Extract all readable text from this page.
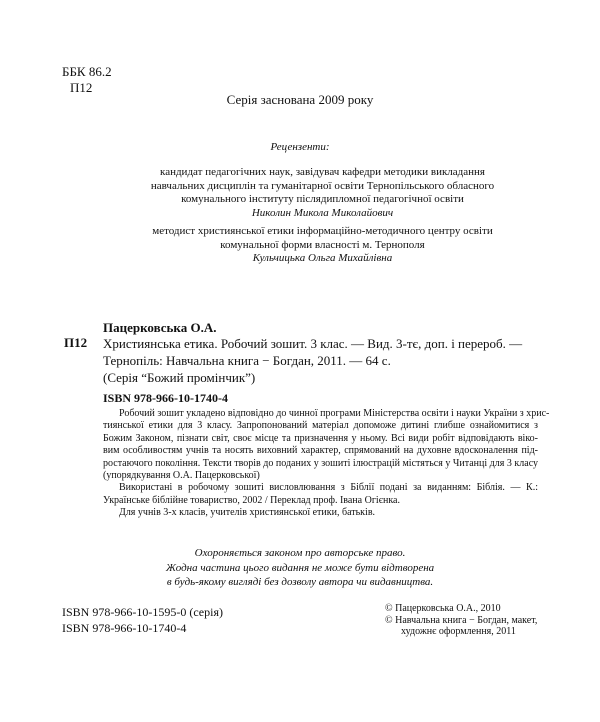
ББК 86.2
П12
Серія заснована 2009 року
Рецензенти:
кандидат педагогічних наук, завідувач кафедри методики викладання
навчальних дисциплін та гуманітарної освіти Тернопільського обласного
комунального інституту післядипломної педагогічної освіти
Николин Микола Миколайович
методист християнської етики інформаційно-методичного центру освіти
комунальної форми власності м. Тернополя
Кульчицька Ольга Михайлівна
Пацерковська О.А.
П12 Християнська етика. Робочий зошит. 3 клас. — Вид. 3-тє, доп. і перероб. —
Тернопіль: Навчальна книга − Богдан, 2011. — 64 с.
(Серія “Божий промінчик”)
ISBN 978-966-10-1740-4
Робочий зошит укладено відповідно до чинної програми Міністерства освіти і науки України з хрис-
тиянської етики для 3 класу. Запропонований матеріал допоможе дитині глибше ознайомитися з
Божим Законом, пізнати світ, своє місце та призначення у ньому. Всі види робіт відповідають віко-
вим особливостям учнів та носять виховний характер, спрямований на духовне вдосконалення під-
ростаючого покоління. Тексти творів до поданих у зошиті ілюстрацій містяться у Читанці для 3 класу
(упорядкування О.А. Пацерковської)
Використані в робочому зошиті висловлювання з Біблії подані за виданням: Біблія. — К.:
Українське біблійне товариство, 2002 / Переклад проф. Івана Огієнка.
Для учнів 3-х класів, учителів християнської етики, батьків.
Охороняється законом про авторське право.
Жодна частина цього видання не може бути відтворена
в будь-якому вигляді без дозволу автора чи видавництва.
ISBN 978-966-10-1595-0 (серія)
ISBN 978-966-10-1740-4
© Пацерковська О.А., 2010
© Навчальна книга − Богдан, макет,
художнє оформлення, 2011
